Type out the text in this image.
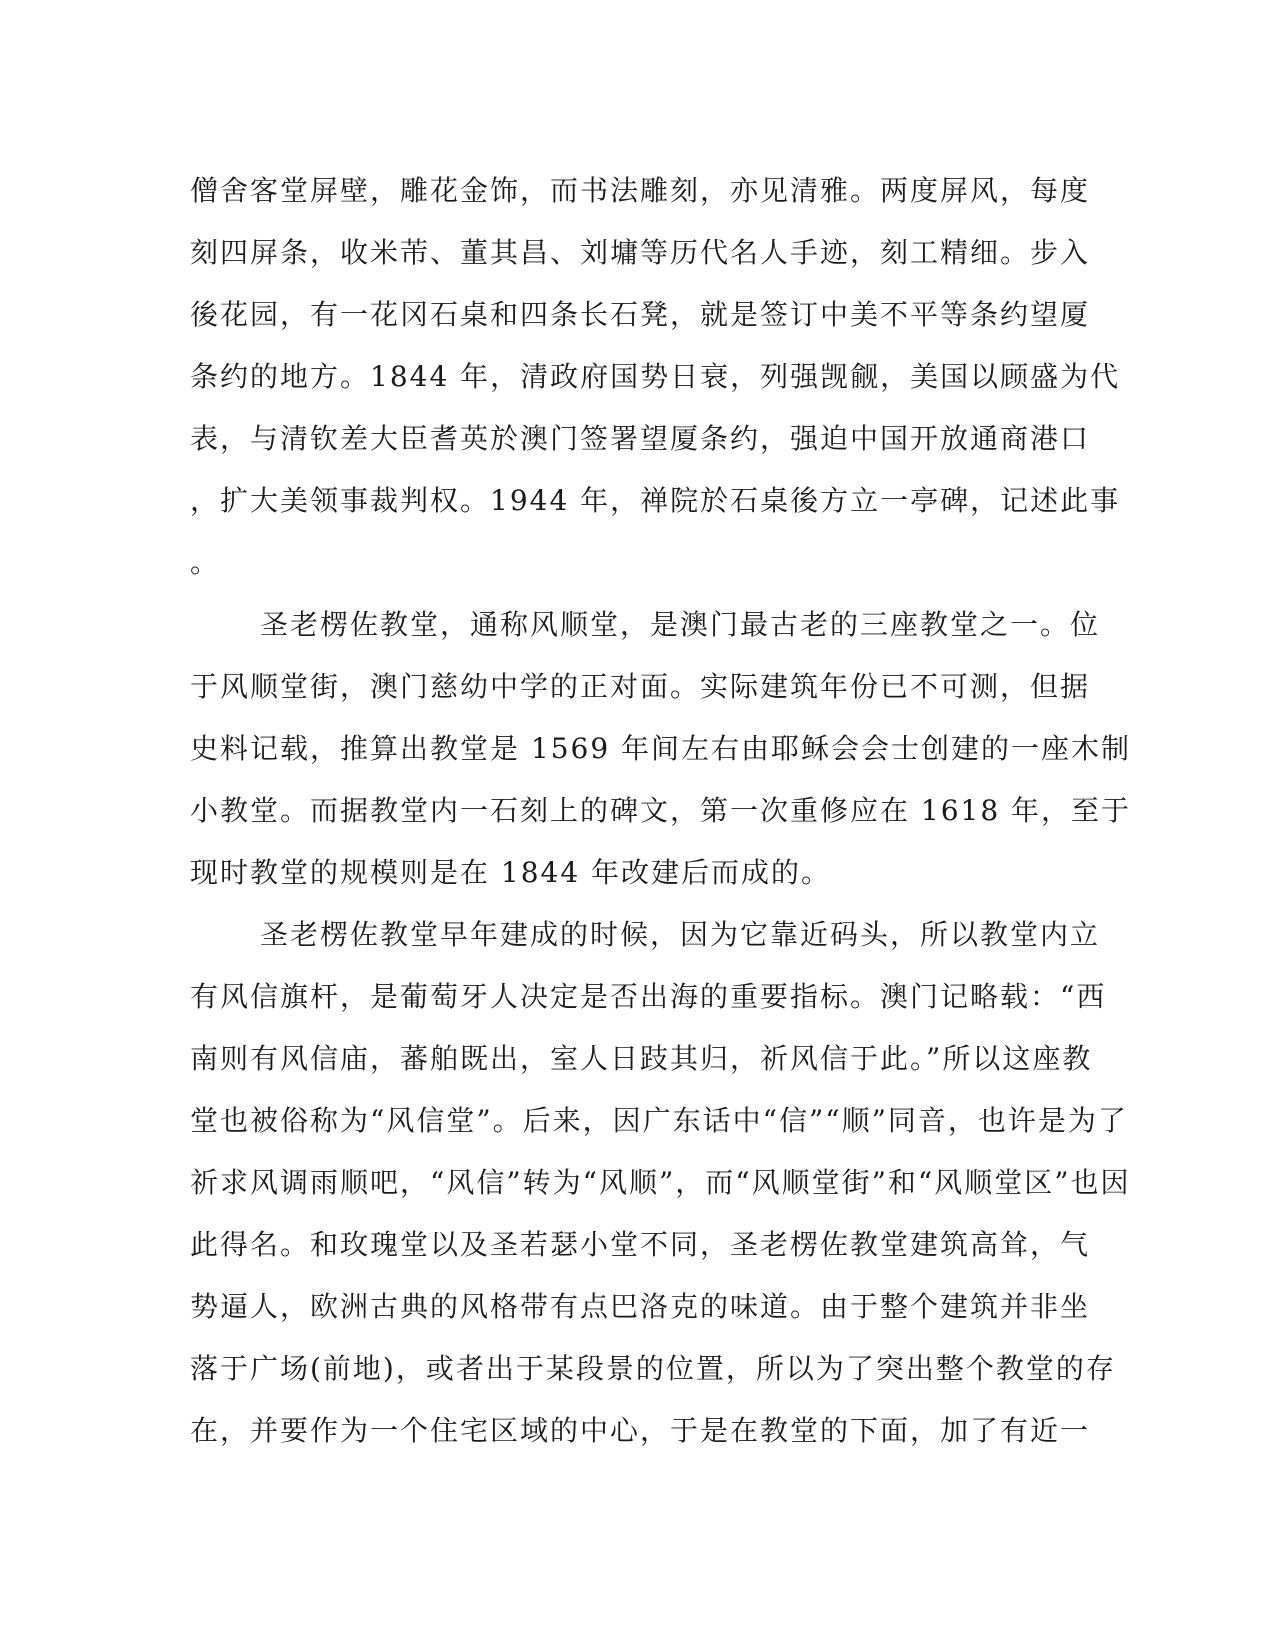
僧舍客堂屏壁，雕花金饰，而书法雕刻，亦见清雅。两度屏风，每度
刻四屏条，收米芾、董其昌、刘墉等历代名人手迹，刻工精细。步入
後花园，有一花冈石桌和四条长石凳，就是签订中美不平等条约望厦
条约的地方。1844 年，清政府国势日衰，列强觊觎，美国以顾盛为代
表，与清钦差大臣耆英於澳门签署望厦条约，强迫中国开放通商港口
，扩大美领事裁判权。1944 年，禅院於石桌後方立一亭碑，记述此事
。
圣老楞佐教堂，通称风顺堂，是澳门最古老的三座教堂之一。位
于风顺堂街，澳门慈幼中学的正对面。实际建筑年份已不可测，但据
史料记载，推算出教堂是 1569 年间左右由耶稣会会士创建的一座木制
小教堂。而据教堂内一石刻上的碑文，第一次重修应在 1618 年，至于
现时教堂的规模则是在 1844 年改建后而成的。
圣老楞佐教堂早年建成的时候，因为它靠近码头，所以教堂内立
有风信旗杆，是葡萄牙人决定是否出海的重要指标。澳门记略载：“西
南则有风信庙，蕃舶既出，室人日跂其归，祈风信于此。”所以这座教
堂也被俗称为“风信堂”。后来，因广东话中“信”“顺”同音，也许是为了
祈求风调雨顺吧，“风信”转为“风顺”，而“风顺堂街”和“风顺堂区”也因
此得名。和玫瑰堂以及圣若瑟小堂不同，圣老楞佐教堂建筑高耸，气
势逼人，欧洲古典的风格带有点巴洛克的味道。由于整个建筑并非坐
落于广场(前地)，或者出于某段景的位置，所以为了突出整个教堂的存
在，并要作为一个住宅区域的中心，于是在教堂的下面，加了有近一
